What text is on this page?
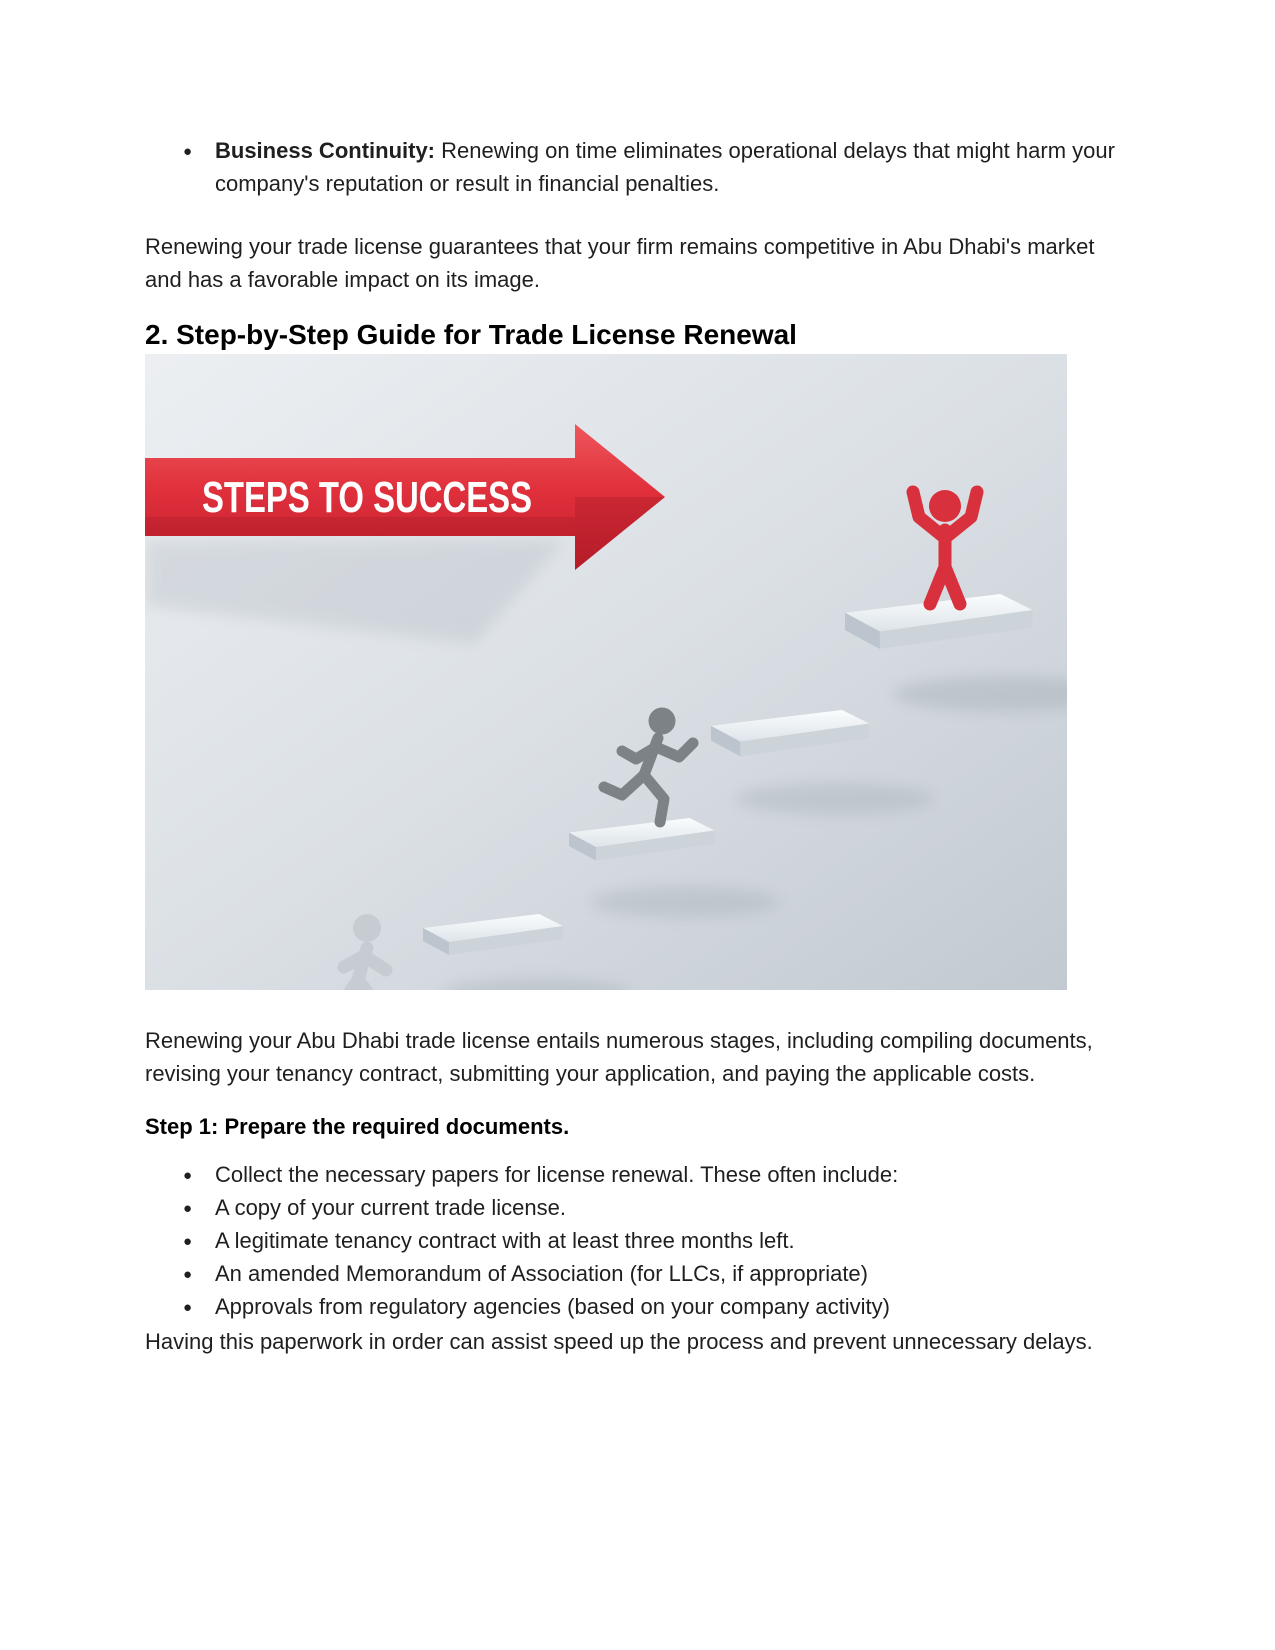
● Business Continuity: Renewing on time eliminates operational delays that might harm your company's reputation or result in financial penalties.

Renewing your trade license guarantees that your firm remains competitive in Abu Dhabi's market and has a favorable impact on its image.

2. Step-by-Step Guide for Trade License Renewal
STEPS TO SUCCESS

Renewing your Abu Dhabi trade license entails numerous stages, including compiling documents, revising your tenancy contract, submitting your application, and paying the applicable costs.

Step 1: Prepare the required documents.
● Collect the necessary papers for license renewal. These often include:
● A copy of your current trade license.
● A legitimate tenancy contract with at least three months left.
● An amended Memorandum of Association (for LLCs, if appropriate)
● Approvals from regulatory agencies (based on your company activity)

Having this paperwork in order can assist speed up the process and prevent unnecessary delays.
